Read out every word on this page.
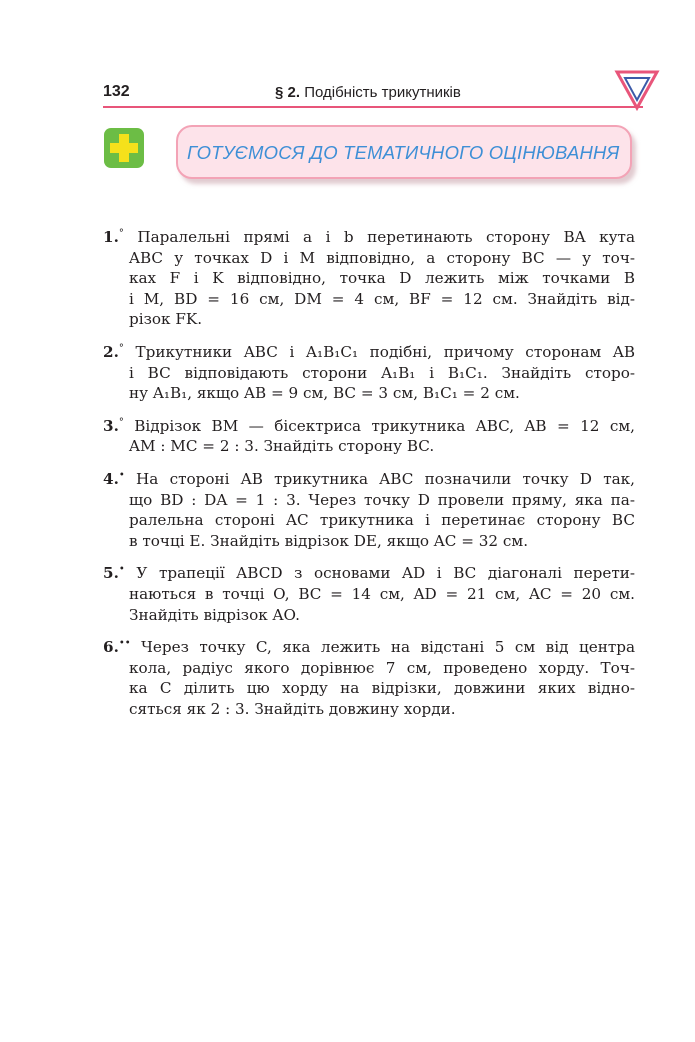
132	§ 2. Подібність трикутників
ГОТУЄМОСЯ ДО ТЕМАТИЧНОГО ОЦІНЮВАННЯ
1.° Паралельні прямі a і b перетинають сторону BA кута
ABC у точках D і M відповідно, а сторону BC — у точ-
ках F і K відповідно, точка D лежить між точками B
і M, BD = 16 см, DM = 4 см, BF = 12 см. Знайдіть від-
різок FK.
2.° Трикутники ABC і A₁B₁C₁ подібні, причому сторонам AB
і BC відповідають сторони A₁B₁ і B₁C₁. Знайдіть сторо-
ну A₁B₁, якщо AB = 9 см, BC = 3 см, B₁C₁ = 2 см.
3.° Відрізок BM — бісектриса трикутника ABC, AB = 12 см,
AM : MC = 2 : 3. Знайдіть сторону BC.
4.• На стороні AB трикутника ABC позначили точку D так,
що BD : DA = 1 : 3. Через точку D провели пряму, яка па-
ралельна стороні AC трикутника і перетинає сторону BC
в точці E. Знайдіть відрізок DE, якщо AC = 32 см.
5.• У трапеції ABCD з основами AD і BC діагоналі перети-
наються в точці O, BC = 14 см, AD = 21 см, AC = 20 см.
Знайдіть відрізок AO.
6.•• Через точку C, яка лежить на відстані 5 см від центра
кола, радіус якого дорівнює 7 см, проведено хорду. Точ-
ка C ділить цю хорду на відрізки, довжини яких відно-
сяться як 2 : 3. Знайдіть довжину хорди.
